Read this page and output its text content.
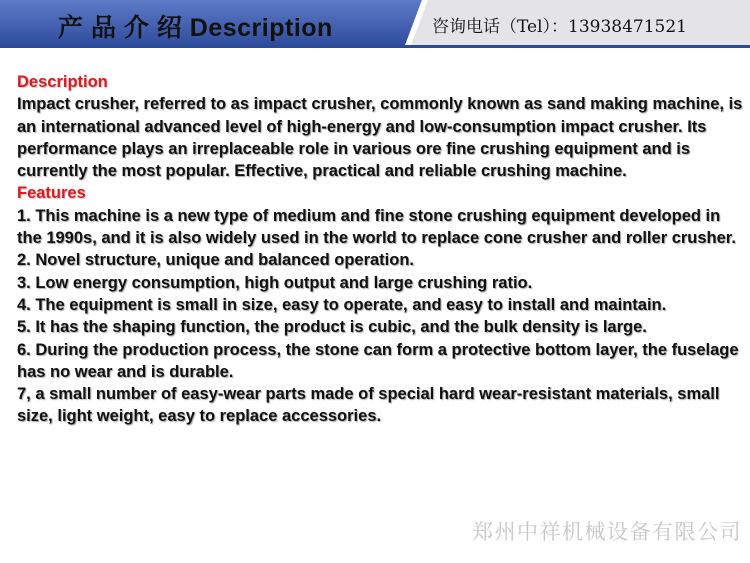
产 品 介 绍 Description	咨询电话（Tel）：13938471521

Description

Impact crusher, referred to as impact crusher, commonly known as sand making machine, is an international advanced level of high-energy and low-consumption impact crusher. Its performance plays an irreplaceable role in various ore fine crushing equipment and is currently the most popular. Effective, practical and reliable crushing machine.

Features

1. This machine is a new type of medium and fine stone crushing equipment developed in the 1990s, and it is also widely used in the world to replace cone crusher and roller crusher.

2. Novel structure, unique and balanced operation.

3. Low energy consumption, high output and large crushing ratio.

4. The equipment is small in size, easy to operate, and easy to install and maintain.

5. It has the shaping function, the product is cubic, and the bulk density is large.

6. During the production process, the stone can form a protective bottom layer, the fuselage has no wear and is durable.

7, a small number of easy-wear parts made of special hard wear-resistant materials, small size, light weight, easy to replace accessories.

郑州中祥机械设备有限公司
